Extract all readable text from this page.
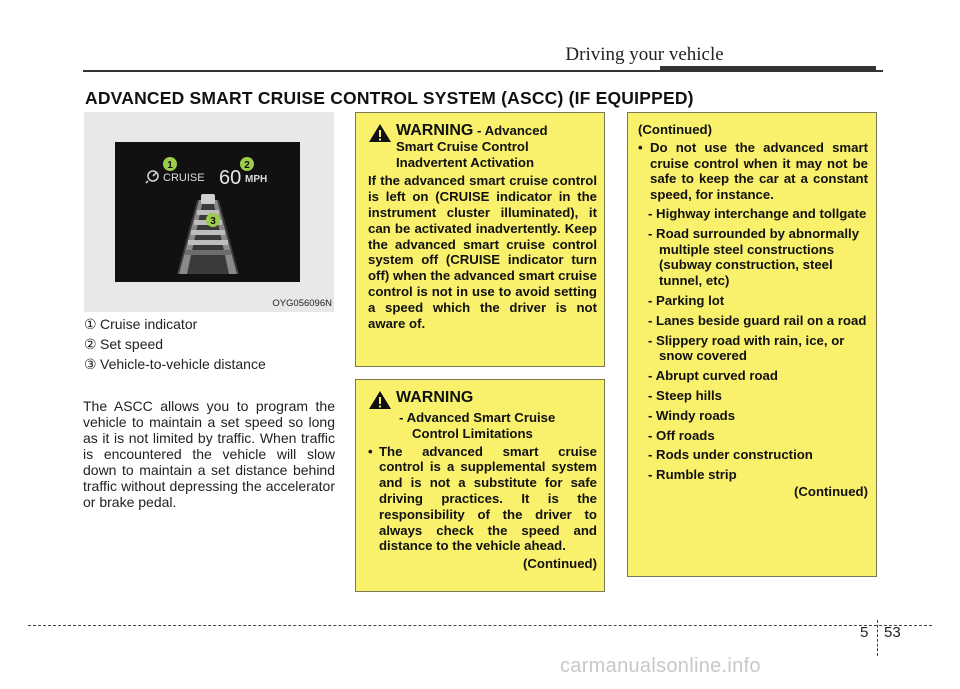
Driving your vehicle
ADVANCED SMART CRUISE CONTROL SYSTEM (ASCC) (IF EQUIPPED)
CRUISE 60 MPH
1	2
3
OYG056096N
① Cruise indicator
② Set speed
③ Vehicle-to-vehicle distance
The ASCC allows you to program the vehicle to maintain a set speed so long as it is not limited by traffic. When traffic is encountered the vehicle will slow down to maintain a set distance behind traffic without depressing the accelerator or brake pedal.
WARNING - Advanced
Smart Cruise Control
Inadvertent Activation
If the advanced smart cruise control is left on (CRUISE indicator in the instrument cluster illuminated), it can be activated inadvertently. Keep the advanced smart cruise control system off (CRUISE indicator turn off) when the advanced smart cruise control is not in use to avoid setting a speed which the driver is not aware of.
WARNING
- Advanced Smart Cruise
Control Limitations
• The advanced smart cruise control is a supplemental system and is not a substitute for safe driving practices. It is the responsibility of the driver to always check the speed and distance to the vehicle ahead.
(Continued)
(Continued)
• Do not use the advanced smart cruise control when it may not be safe to keep the car at a constant speed, for instance.
- Highway interchange and tollgate
- Road surrounded by abnormally multiple steel constructions (subway construction, steel tunnel, etc)
- Parking lot
- Lanes beside guard rail on a road
- Slippery road with rain, ice, or snow covered
- Abrupt curved road
- Steep hills
- Windy roads
- Off roads
- Rods under construction
- Rumble strip
(Continued)
5 53
carmanualsonline.info
